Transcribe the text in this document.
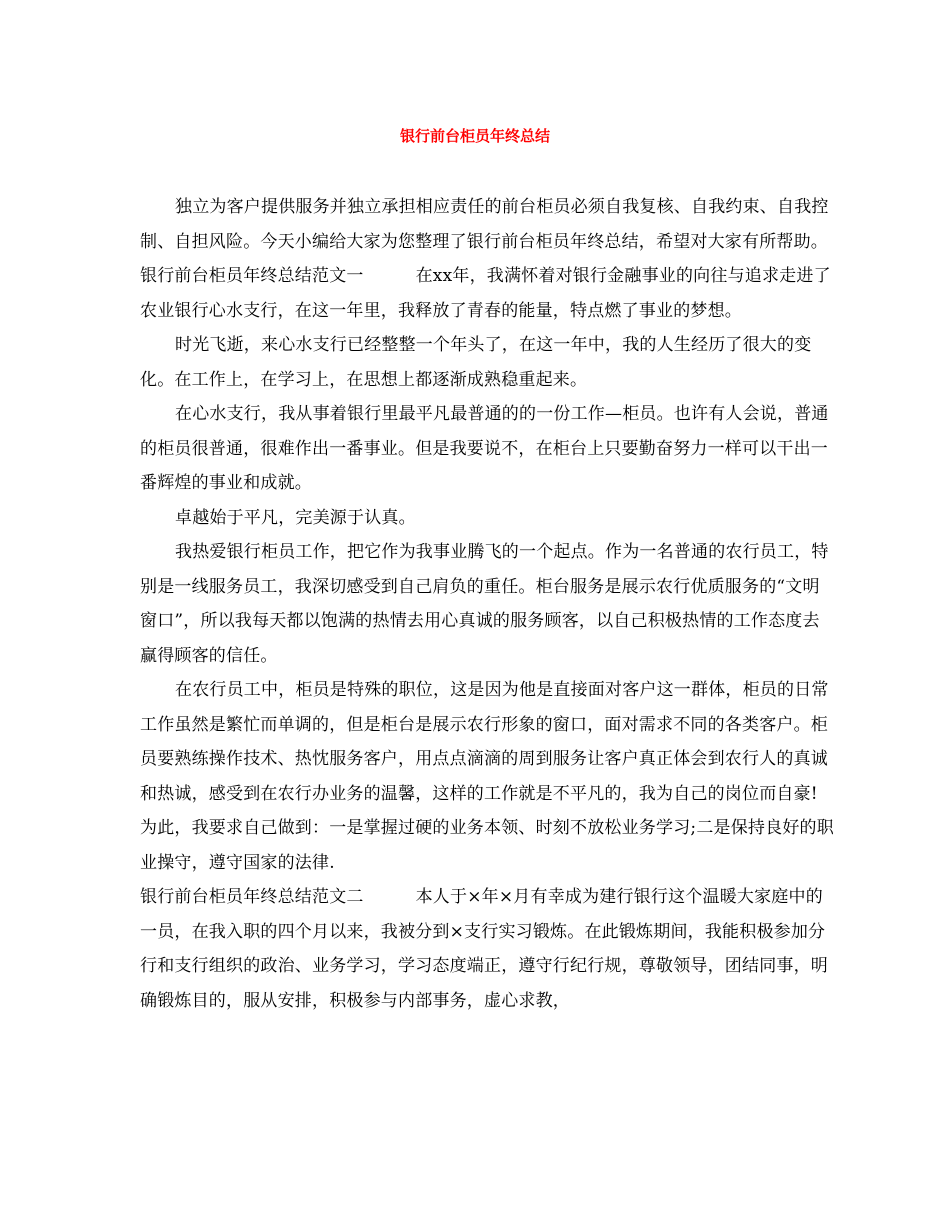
银行前台柜员年终总结

独立为客户提供服务并独立承担相应责任的前台柜员必须自我复核、自我约束、自我控制、自担风险。今天小编给大家为您整理了银行前台柜员年终总结，希望对大家有所帮助。

银行前台柜员年终总结范文一	在xx年，我满怀着对银行金融事业的向往与追求走进了农业银行心水支行，在这一年里，我释放了青春的能量，特点燃了事业的梦想。

时光飞逝，来心水支行已经整整一个年头了，在这一年中，我的人生经历了很大的变化。在工作上，在学习上，在思想上都逐渐成熟稳重起来。

在心水支行，我从事着银行里最平凡最普通的的一份工作—柜员。也许有人会说，普通的柜员很普通，很难作出一番事业。但是我要说不，在柜台上只要勤奋努力一样可以干出一番辉煌的事业和成就。

卓越始于平凡，完美源于认真。

我热爱银行柜员工作，把它作为我事业腾飞的一个起点。作为一名普通的农行员工，特别是一线服务员工，我深切感受到自己肩负的重任。柜台服务是展示农行优质服务的“文明窗口”，所以我每天都以饱满的热情去用心真诚的服务顾客，以自己积极热情的工作态度去赢得顾客的信任。

在农行员工中，柜员是特殊的职位，这是因为他是直接面对客户这一群体，柜员的日常工作虽然是繁忙而单调的，但是柜台是展示农行形象的窗口，面对需求不同的各类客户。柜员要熟练操作技术、热忱服务客户，用点点滴滴的周到服务让客户真正体会到农行人的真诚和热诚，感受到在农行办业务的温馨，这样的工作就是不平凡的，我为自己的岗位而自豪!为此，我要求自己做到：一是掌握过硬的业务本领、时刻不放松业务学习;二是保持良好的职业操守，遵守国家的法律.

银行前台柜员年终总结范文二	本人于×年×月有幸成为建行银行这个温暖大家庭中的一员，在我入职的四个月以来，我被分到×支行实习锻炼。在此锻炼期间，我能积极参加分行和支行组织的政治、业务学习，学习态度端正，遵守行纪行规，尊敬领导，团结同事，明确锻炼目的，服从安排，积极参与内部事务，虚心求教，
